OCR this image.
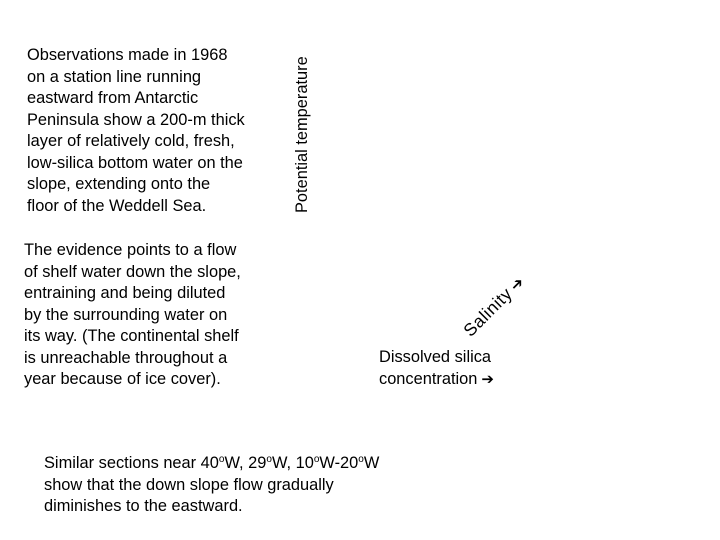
Observations made in 1968
on a station line running
eastward from Antarctic
Peninsula show a 200-m thick
layer of relatively cold, fresh,
low-silica bottom water on the
slope, extending onto the
floor of the Weddell Sea.

The evidence points to a flow
of shelf water down the slope,
entraining and being diluted
by the surrounding water on
its way. (The continental shelf
is unreachable throughout a
year because of ice cover).

Similar sections near 40$^o$W, 29$^o$W, 10$^o$W-20$^o$W
show that the down slope flow gradually
diminishes to the eastward.

Potential temperature
Salinity➔
Dissolved silica
concentration ➔
